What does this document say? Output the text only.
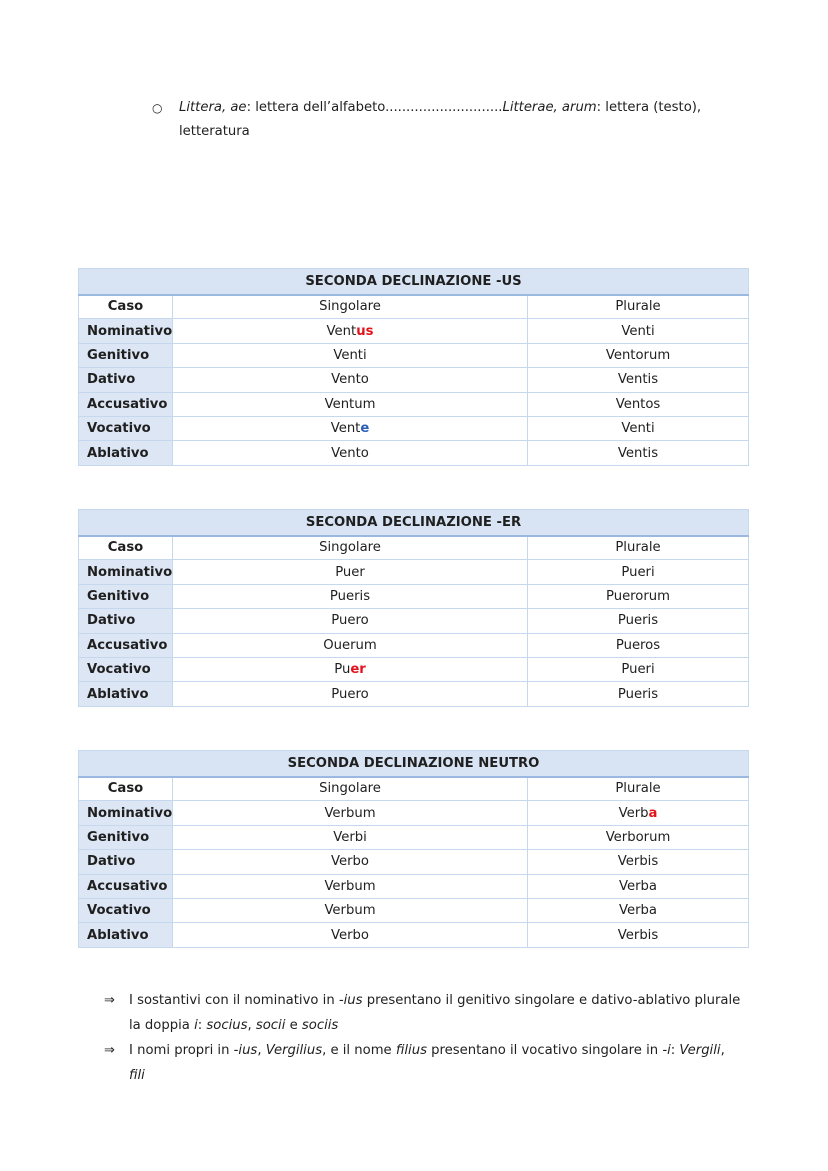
○ Littera, ae: lettera dell’alfabeto............................Litterae, arum: lettera (testo), letteratura
SECONDA DECLINAZIONE -US		
Caso	Singolare	Plurale
Nominativo	Ventus	Venti
Genitivo	Venti	Ventorum
Dativo	Vento	Ventis
Accusativo	Ventum	Ventos
Vocativo	Vente	Venti
Ablativo	Vento	Ventis
SECONDA DECLINAZIONE -ER		
Caso	Singolare	Plurale
Nominativo	Puer	Pueri
Genitivo	Pueris	Puerorum
Dativo	Puero	Pueris
Accusativo	Ouerum	Pueros
Vocativo	Puer	Pueri
Ablativo	Puero	Pueris
SECONDA DECLINAZIONE NEUTRO		
Caso	Singolare	Plurale
Nominativo	Verbum	Verba
Genitivo	Verbi	Verborum
Dativo	Verbo	Verbis
Accusativo	Verbum	Verba
Vocativo	Verbum	Verba
Ablativo	Verbo	Verbis
⇒ I sostantivi con il nominativo in -ius presentano il genitivo singolare e dativo-ablativo plurale la doppia i: socius, socii e sociis
⇒ I nomi propri in -ius, Vergilius, e il nome filius presentano il vocativo singolare in -i: Vergili, fili
